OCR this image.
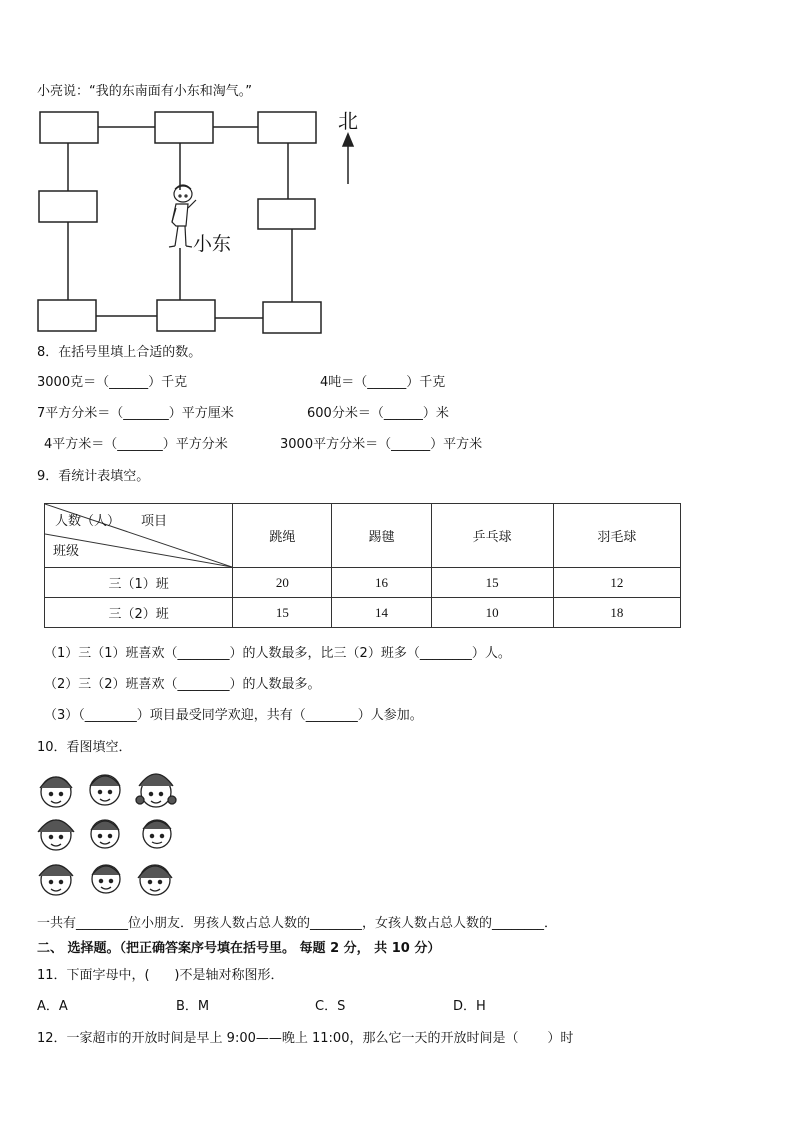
小亮说：“我的东南面有小东和淘气。”
北
小东
8．在括号里填上合适的数。
3000克＝（______）千克	4吨＝（______）千克
7平方分米＝（_______）平方厘米	600分米＝（______）米
4平方米＝（_______）平方分米	3000平方分米＝（______）平方米
9．看统计表填空。
人数（人） 项目
班级	跳绳	踢毽	乒乓球	羽毛球
三（1）班	20	16	15	12
三（2）班	15	14	10	18
（1）三（1）班喜欢（________）的人数最多，比三（2）班多（________）人。
（2）三（2）班喜欢（________）的人数最多。
（3）（________）项目最受同学欢迎，共有（________）人参加。
10．看图填空．
一共有________位小朋友．男孩人数占总人数的________，女孩人数占总人数的________．
二、 选择题。（把正确答案序号填在括号里。 每题 2 分， 共 10 分）
11．下面字母中，(      )不是轴对称图形．
A．A	B．M	C．S	D．H
12．一家超市的开放时间是早上 9:00——晚上 11:00，那么它一天的开放时间是（       ）时
